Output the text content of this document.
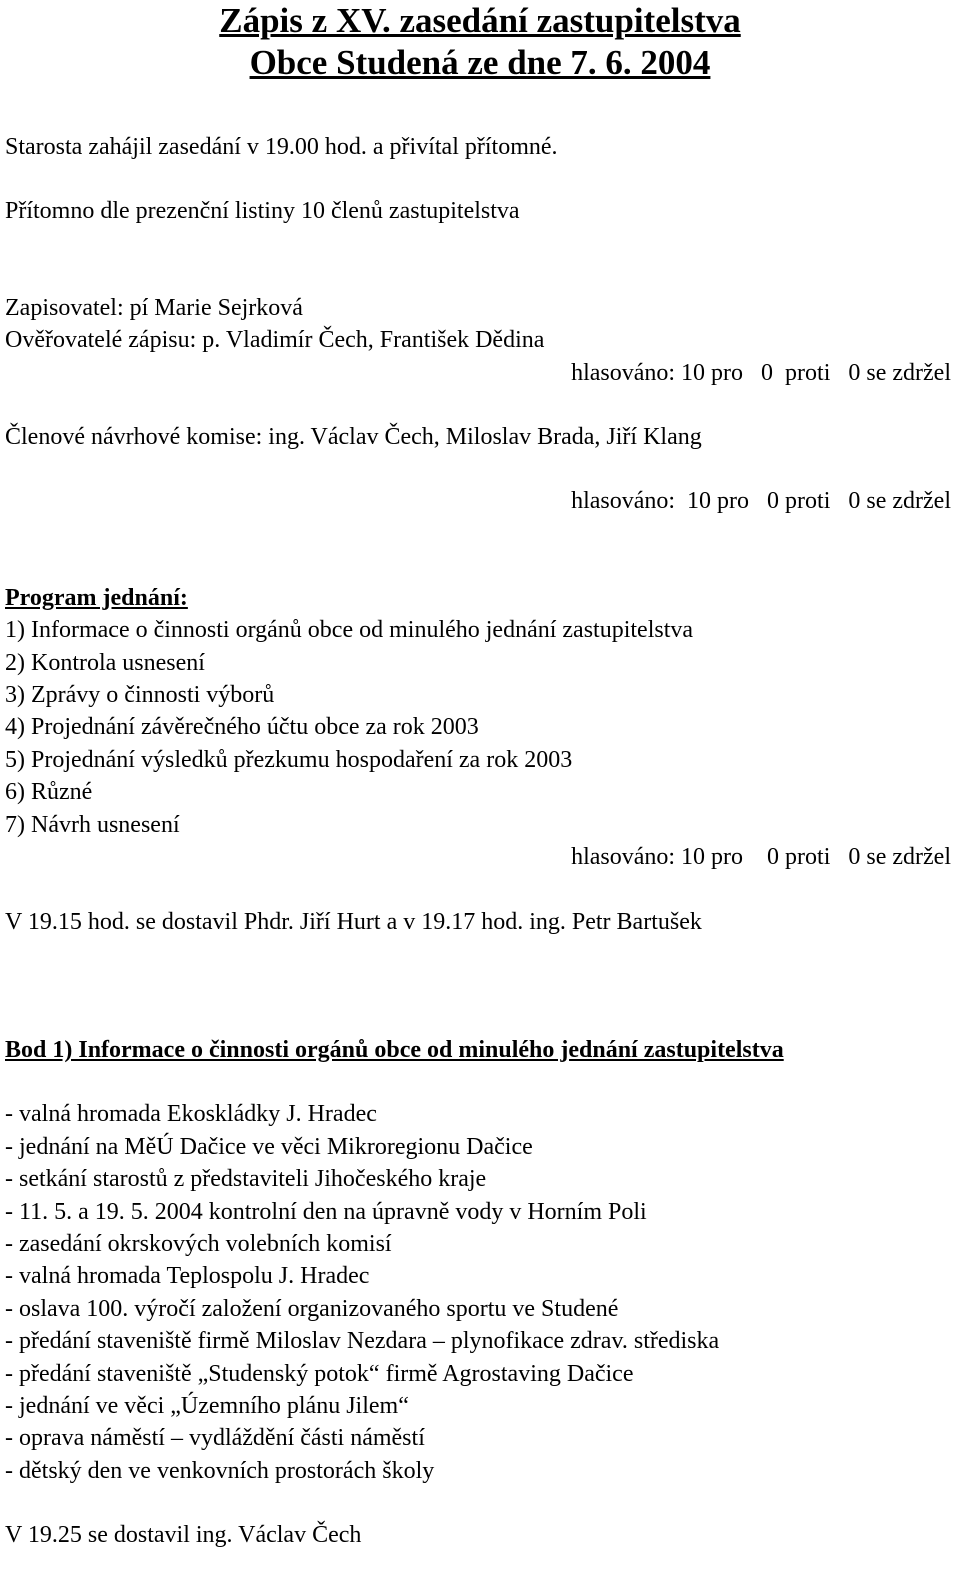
Zápis z XV. zasedání zastupitelstva
Obce Studená ze dne 7. 6. 2004

Starosta zahájil zasedání v 19.00 hod. a přivítal přítomné.

Přítomno dle prezenční listiny 10 členů zastupitelstva

Zapisovatel: pí Marie Sejrková

Ověřovatelé zápisu: p. Vladimír Čech, František Dědina

hlasováno: 10 pro   0  proti   0 se zdržel

Členové návrhové komise: ing. Václav Čech, Miloslav Brada, Jiří Klang

hlasováno:  10 pro   0 proti   0 se zdržel

Program jednání:

1) Informace o činnosti orgánů obce od minulého jednání zastupitelstva
2) Kontrola usnesení
3) Zprávy o činnosti výborů
4) Projednání závěrečného účtu obce za rok 2003
5) Projednání výsledků přezkumu hospodaření za rok 2003
6) Různé
7) Návrh usnesení

hlasováno: 10 pro    0 proti   0 se zdržel

V 19.15 hod. se dostavil Phdr. Jiří Hurt a v 19.17 hod. ing. Petr Bartušek

Bod 1) Informace o činnosti orgánů obce od minulého jednání zastupitelstva

- valná hromada Ekoskládky J. Hradec
- jednání na MěÚ Dačice ve věci Mikroregionu Dačice
- setkání starostů z představiteli Jihočeského kraje
- 11. 5. a 19. 5. 2004 kontrolní den na úpravně vody v Horním Poli
- zasedání okrskových volebních komisí
- valná hromada Teplospolu J. Hradec
- oslava 100. výročí založení organizovaného sportu ve Studené
- předání staveniště firmě Miloslav Nezdara – plynofikace zdrav. střediska
- předání staveniště „Studenský potok“ firmě Agrostaving Dačice
- jednání ve věci „Územního plánu Jilem“
- oprava náměstí – vydláždění části náměstí
- dětský den ve venkovních prostorách školy

V 19.25 se dostavil ing. Václav Čech
